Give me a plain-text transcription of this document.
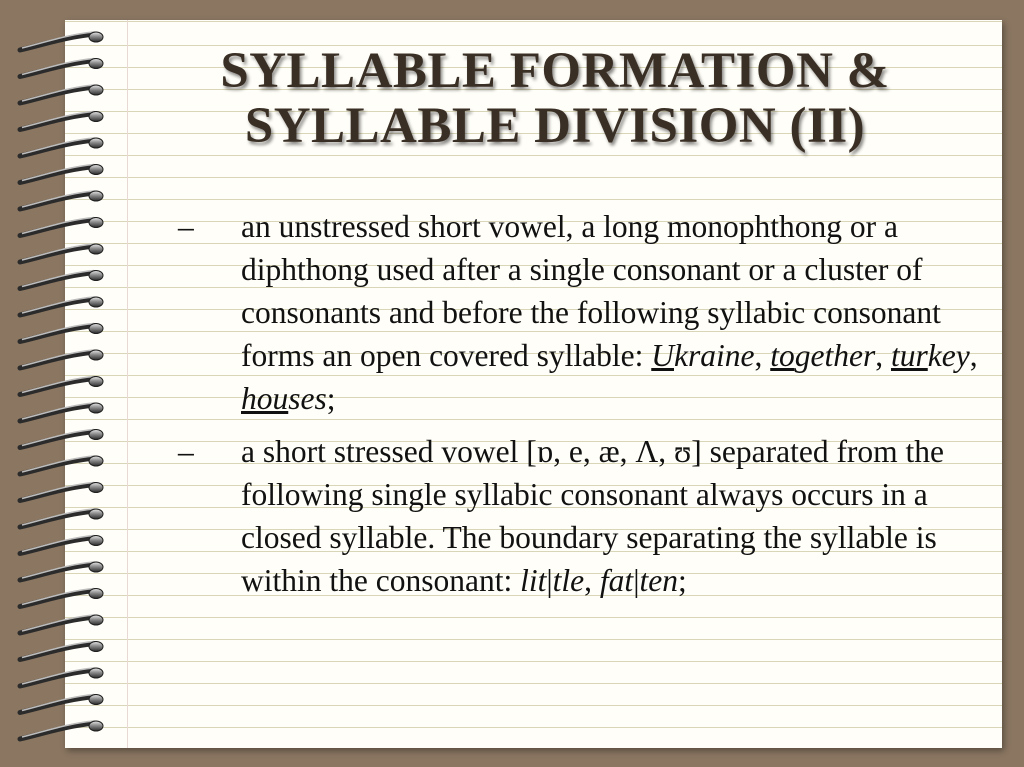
SYLLABLE FORMATION &
SYLLABLE DIVISION (II)
– an unstressed short vowel, a long monophthong or a diphthong used after a single consonant or a cluster of consonants and before the following syllabic consonant forms an open covered syllable: Ukraine, together, turkey, houses;
– a short stressed vowel [ɒ, e, æ, Λ, ʊ] separated from the following single syllabic consonant always occurs in a closed syllable. The boundary separating the syllable is within the consonant: lit|tle, fat|ten;
